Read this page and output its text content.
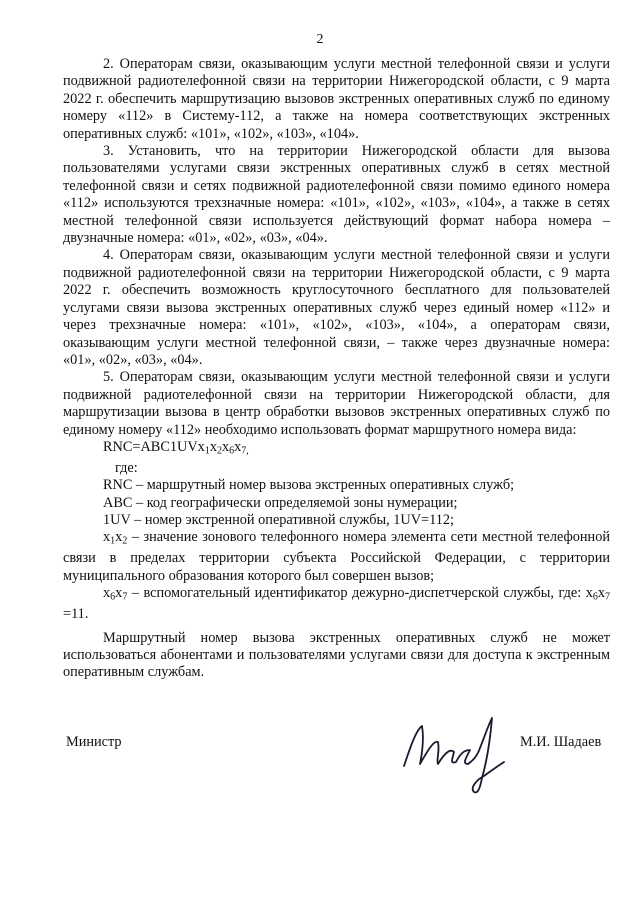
2

2. Операторам связи, оказывающим услуги местной телефонной связи и услуги подвижной радиотелефонной связи на территории Нижегородской области, с 9 марта 2022 г. обеспечить маршрутизацию вызовов экстренных оперативных служб по единому номеру «112» в Систему-112, а также на номера соответствующих экстренных оперативных служб: «101», «102», «103», «104».

3. Установить, что на территории Нижегородской области для вызова пользователями услугами связи экстренных оперативных служб в сетях местной телефонной связи и сетях подвижной радиотелефонной связи помимо единого номера «112» используются трехзначные номера: «101», «102», «103», «104», а также в сетях местной телефонной связи используется действующий формат набора номера – двузначные номера: «01», «02», «03», «04».

4. Операторам связи, оказывающим услуги местной телефонной связи и услуги подвижной радиотелефонной связи на территории Нижегородской области, с 9 марта 2022 г. обеспечить возможность круглосуточного бесплатного для пользователей услугами связи вызова экстренных оперативных служб через единый номер «112» и через трехзначные номера: «101», «102», «103», «104», а операторам связи, оказывающим услуги местной телефонной связи, – также через двузначные номера: «01», «02», «03», «04».

5. Операторам связи, оказывающим услуги местной телефонной связи и услуги подвижной радиотелефонной связи на территории Нижегородской области, для маршрутизации вызова в центр обработки вызовов экстренных оперативных служб по единому номеру «112» необходимо использовать формат маршрутного номера вида:

$RNC=ABC1UVx_1x_2x_6x_{7,}$

где:

RNC – маршрутный номер вызова экстренных оперативных служб;

ABC – код географически определяемой зоны нумерации;

1UV – номер экстренной оперативной службы, 1UV=112;

$x_1x_2$ – значение зонового телефонного номера элемента сети местной телефонной связи в пределах территории субъекта Российской Федерации, с территории муниципального образования которого был совершен вызов;

$x_6x_7$ – вспомогательный идентификатор дежурно-диспетчерской службы, где: $x_6x_7 =11$.

Маршрутный номер вызова экстренных оперативных служб не может использоваться абонентами и пользователями услугами связи для доступа к экстренным оперативным службам.

Министр	М.И. Шадаев
